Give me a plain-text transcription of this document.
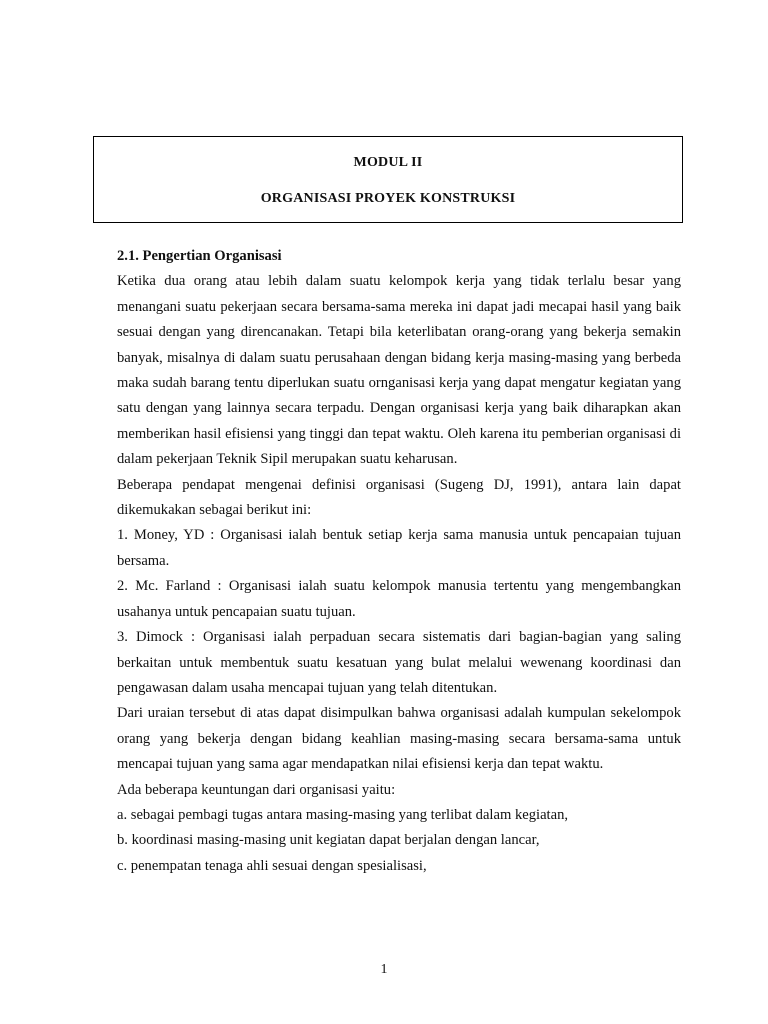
MODUL II
ORGANISASI PROYEK KONSTRUKSI

2.1. Pengertian Organisasi

Ketika dua orang atau lebih dalam suatu kelompok kerja yang tidak terlalu besar yang menangani suatu pekerjaan secara bersama-sama mereka ini dapat jadi mecapai hasil yang baik sesuai dengan yang direncanakan. Tetapi bila keterlibatan orang-orang yang bekerja semakin banyak, misalnya di dalam suatu perusahaan dengan bidang kerja masing-masing yang berbeda maka sudah barang tentu diperlukan suatu ornganisasi kerja yang dapat mengatur kegiatan yang satu dengan yang lainnya secara terpadu. Dengan organisasi kerja yang baik diharapkan akan memberikan hasil efisiensi yang tinggi dan tepat waktu. Oleh karena itu pemberian organisasi di dalam pekerjaan Teknik Sipil merupakan suatu keharusan.

Beberapa pendapat mengenai definisi organisasi (Sugeng DJ, 1991), antara lain dapat dikemukakan sebagai berikut ini:

1. Money, YD : Organisasi ialah bentuk setiap kerja sama manusia untuk pencapaian tujuan bersama.

2. Mc. Farland : Organisasi ialah suatu kelompok manusia tertentu yang mengembangkan usahanya untuk pencapaian suatu tujuan.

3. Dimock : Organisasi ialah perpaduan secara sistematis dari bagian-bagian yang saling berkaitan untuk membentuk suatu kesatuan yang bulat melalui wewenang koordinasi dan pengawasan dalam usaha mencapai tujuan yang telah ditentukan.

Dari uraian tersebut di atas dapat disimpulkan bahwa organisasi adalah kumpulan sekelompok orang yang bekerja dengan bidang keahlian masing-masing secara bersama-sama untuk mencapai tujuan yang sama agar mendapatkan nilai efisiensi kerja dan tepat waktu.

Ada beberapa keuntungan dari organisasi yaitu:

a. sebagai pembagi tugas antara masing-masing yang terlibat dalam kegiatan,

b. koordinasi masing-masing unit kegiatan dapat berjalan dengan lancar,

c. penempatan tenaga ahli sesuai dengan spesialisasi,

1
